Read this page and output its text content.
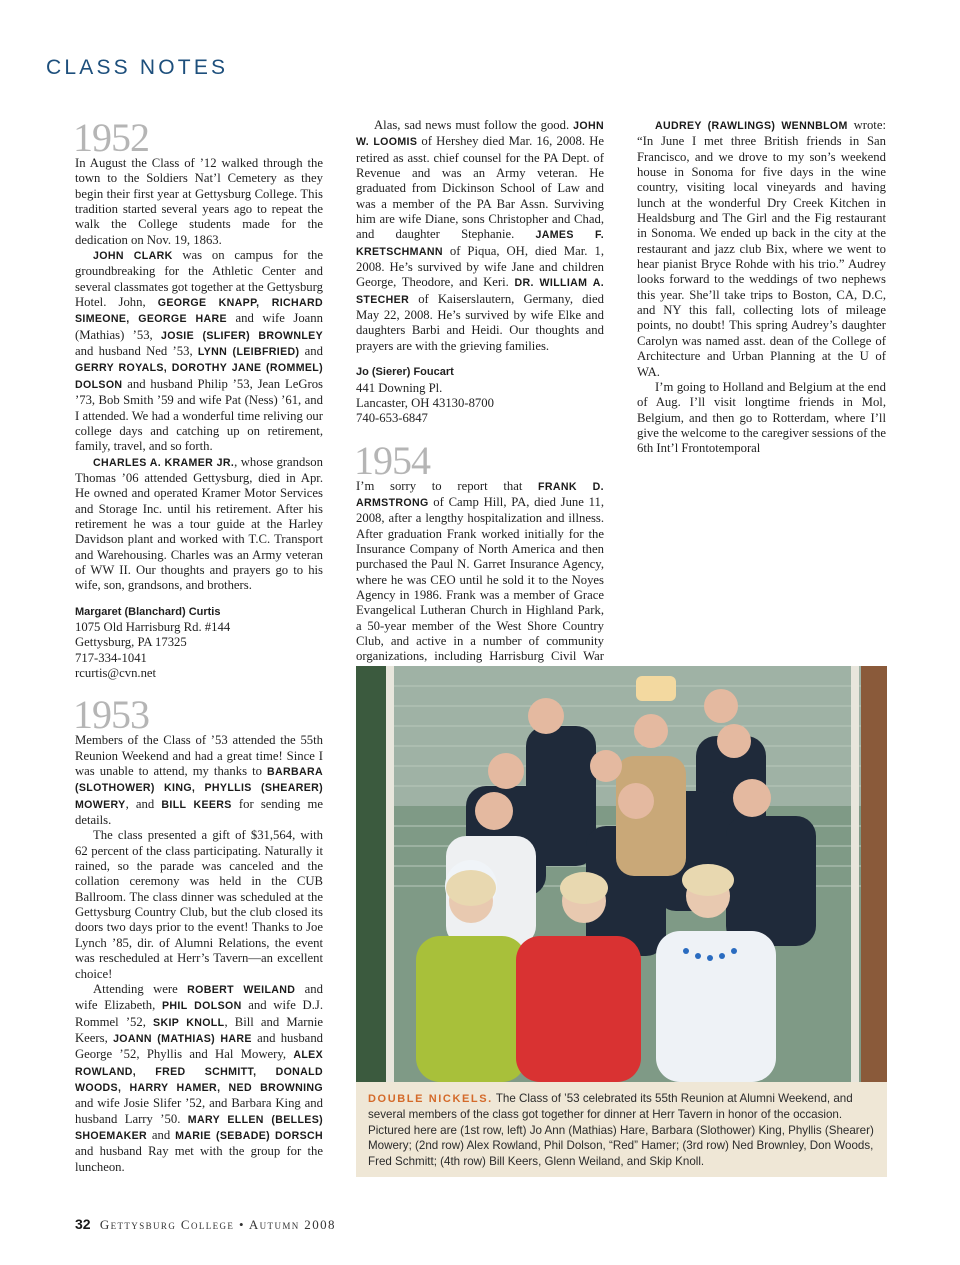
CLASS NOTES
1952

In August the Class of ’12 walked through the town to the Soldiers Nat’l Cemetery as they begin their first year at Gettysburg College. This tradition started several years ago to repeat the walk the College students made for the dedication on Nov. 19, 1863.

JOHN CLARK was on campus for the groundbreaking for the Athletic Center and several classmates got together at the Gettysburg Hotel. John, GEORGE KNAPP, RICHARD SIMEONE, GEORGE HARE and wife Joann (Mathias) ’53, JOSIE (SLIFER) BROWNLEY and husband Ned ’53, LYNN (LEIBFRIED) and GERRY ROYALS, DOROTHY JANE (ROMMEL) DOLSON and husband Philip ’53, Jean LeGros ’73, Bob Smith ’59 and wife Pat (Ness) ’61, and I attended. We had a wonderful time reliving our college days and catching up on retirement, family, travel, and so forth.

CHARLES A. KRAMER JR., whose grandson Thomas ’06 attended Gettysburg, died in Apr. He owned and operated Kramer Motor Services and Storage Inc. until his retirement. After his retirement he was a tour guide at the Harley Davidson plant and worked with T.C. Transport and Warehousing. Charles was an Army veteran of WW II. Our thoughts and prayers go to his wife, son, grandsons, and brothers.

Margaret (Blanchard) Curtis
1075 Old Harrisburg Rd. #144
Gettysburg, PA 17325
717-334-1041
rcurtis@cvn.net
1953

Members of the Class of ’53 attended the 55th Reunion Weekend and had a great time! Since I was unable to attend, my thanks to BARBARA (SLOTHOWER) KING, PHYLLIS (SHEARER) MOWERY, and BILL KEERS for sending me details.

The class presented a gift of $31,564, with 62 percent of the class participating. Naturally it rained, so the parade was canceled and the collation ceremony was held in the CUB Ballroom. The class dinner was scheduled at the Gettysburg Country Club, but the club closed its doors two days prior to the event! Thanks to Joe Lynch ’85, dir. of Alumni Relations, the event was rescheduled at Herr’s Tavern—an excellent choice!

Attending were ROBERT WEILAND and wife Elizabeth, PHIL DOLSON and wife D.J. Rommel ’52, SKIP KNOLL, Bill and Marnie Keers, JOANN (MATHIAS) HARE and husband George ’52, Phyllis and Hal Mowery, ALEX ROWLAND, FRED SCHMITT, DONALD WOODS, HARRY HAMER, NED BROWNING and wife Josie Slifer ’52, and Barbara King and husband Larry ’50. MARY ELLEN (BELLES) SHOEMAKER and MARIE (SEBADE) DORSCH and husband Ray met with the group for the luncheon.

Alas, sad news must follow the good. JOHN W. LOOMIS of Hershey died Mar. 16, 2008. He retired as asst. chief counsel for the PA Dept. of Revenue and was an Army veteran. He graduated from Dickinson School of Law and was a member of the PA Bar Assn. Surviving him are wife Diane, sons Christopher and Chad, and daughter Stephanie. JAMES F. KRETSCHMANN of Piqua, OH, died Mar. 1, 2008. He’s survived by wife Jane and children George, Theodore, and Keri. DR. WILLIAM A. STECHER of Kaiserslautern, Germany, died May 22, 2008. He’s survived by wife Elke and daughters Barbi and Heidi. Our thoughts and prayers are with the grieving families.

Jo (Sierer) Foucart
441 Downing Pl.
Lancaster, OH 43130-8700
740-653-6847
1954

I’m sorry to report that FRANK D. ARMSTRONG of Camp Hill, PA, died June 11, 2008, after a lengthy hospitalization and illness. After graduation Frank worked initially for the Insurance Company of North America and then purchased the Paul N. Garret Insurance Agency, where he was CEO until he sold it to the Noyes Agency in 1986. Frank was a member of Grace Evangelical Lutheran Church in Highland Park, a 50-year member of the West Shore Country Club, and active in a number of community organizations, including Harrisburg Civil War

AUDREY (RAWLINGS) WENNBLOM wrote: “In June I met three British friends in San Francisco, and we drove to my son’s weekend house in Sonoma for five days in the wine country, visiting local vineyards and having lunch at the wonderful Dry Creek Kitchen in Healdsburg and The Girl and the Fig restaurant in Sonoma. We ended up back in the city at the restaurant and jazz club Bix, where we went to hear pianist Bryce Rohde with his trio.” Audrey looks forward to the weddings of two nephews this year. She’ll take trips to Boston, CA, D.C, and NY this fall, collecting lots of mileage points, no doubt! This spring Audrey’s daughter Carolyn was named asst. dean of the College of Architecture and Urban Planning at the U of WA.

I’m going to Holland and Belgium at the end of Aug. I’ll visit longtime friends in Mol, Belgium, and then go to Rotterdam, where I’ll give the welcome to the caregiver sessions of the 6th Int’l Frontotemporal

DOUBLE NICKELS. The Class of ’53 celebrated its 55th Reunion at Alumni Weekend, and several members of the class got together for dinner at Herr Tavern in honor of the occasion. Pictured here are (1st row, left) Jo Ann (Mathias) Hare, Barbara (Slothower) King, Phyllis (Shearer) Mowery; (2nd row) Alex Rowland, Phil Dolson, “Red” Hamer; (3rd row) Ned Brownley, Don Woods, Fred Schmitt; (4th row) Bill Keers, Glenn Weiland, and Skip Knoll.
32 Gettysburg College • Autumn 2008
